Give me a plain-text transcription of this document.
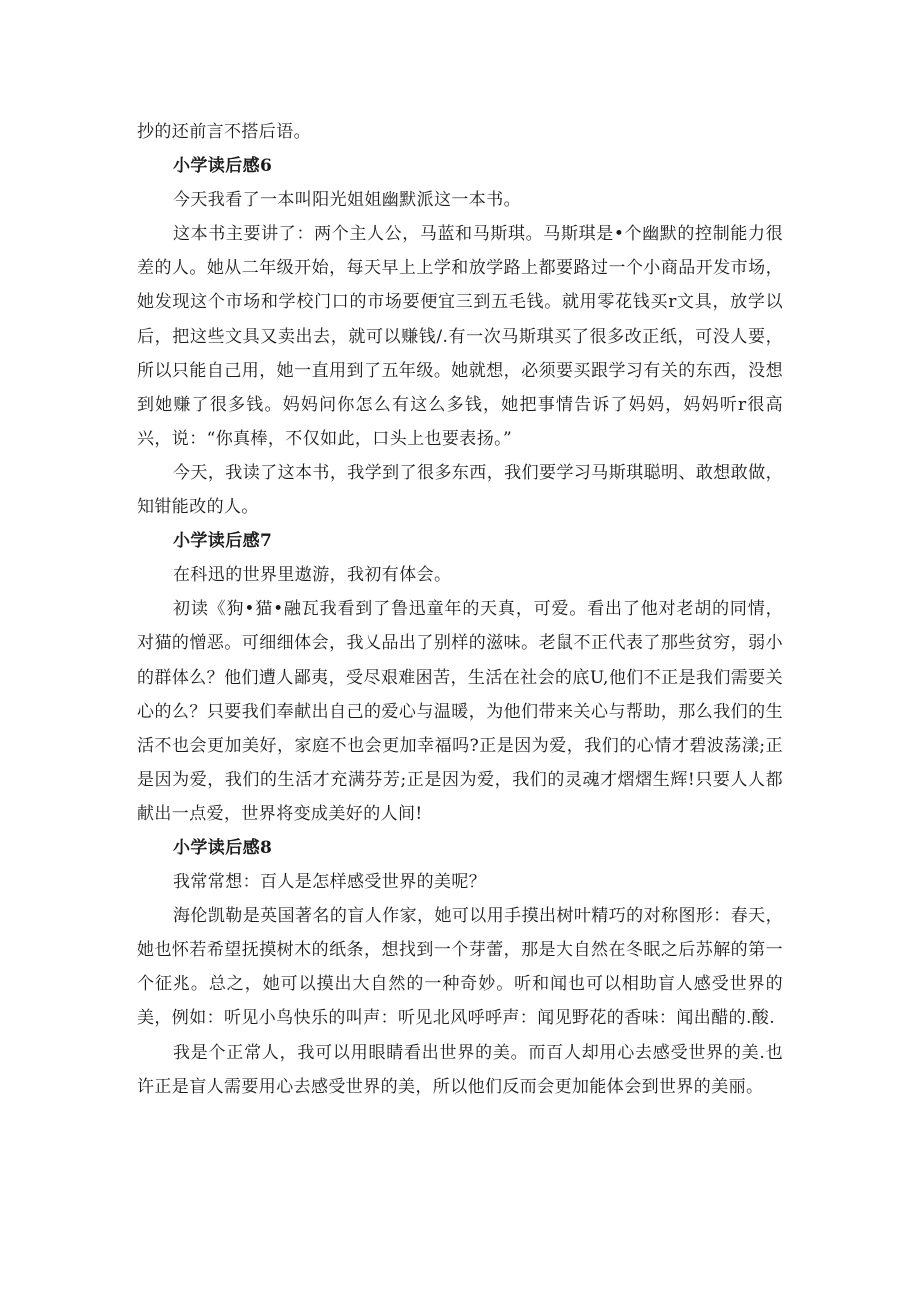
抄的还前言不搭后语。

小学读后感6

今天我看了一本叫阳光姐姐幽默派这一本书。

这本书主要讲了：两个主人公，马蓝和马斯琪。马斯琪是•个幽默的控制能力很差的人。她从二年级开始，每天早上上学和放学路上都要路过一个小商品开发市场，她发现这个市场和学校门口的市场要便宜三到五毛钱。就用零花钱买r文具，放学以后，把这些文具又卖出去，就可以赚钱/.有一次马斯琪买了很多改正纸，可没人要，所以只能自己用，她一直用到了五年级。她就想，必须要买跟学习有关的东西，没想到她赚了很多钱。妈妈问你怎么有这么多钱，她把事情告诉了妈妈，妈妈听r很高兴，说：“你真棒，不仅如此，口头上也要表扬。”

今天，我读了这本书，我学到了很多东西，我们要学习马斯琪聪明、敢想敢做，知钳能改的人。

小学读后感7

在科迅的世界里遨游，我初有体会。

初读《狗•猫•融瓦我看到了鲁迅童年的天真，可爱。看出了他对老胡的同情，对猫的憎恶。可细细体会，我乂品出了别样的滋味。老鼠不正代表了那些贫穷，弱小的群体么？他们遭人鄙夷，受尽艰难困苦，生活在社会的底U,他们不正是我们需要关心的么？只要我们奉献出自己的爱心与温暖，为他们带来关心与帮助，那么我们的生活不也会更加美好，家庭不也会更加幸福吗?正是因为爱，我们的心情才碧波荡漾;正是因为爱，我们的生活才充满芬芳;正是因为爱，我们的灵魂才熠熠生辉!只要人人都献出一点爱，世界将变成美好的人间!

小学读后感8

我常常想：百人是怎样感受世界的美呢？

海伦凯勒是英国著名的盲人作家，她可以用手摸出树叶精巧的对称图形：春天，她也怀若希望抚摸树木的纸条，想找到一个芽蕾，那是大自然在冬眠之后苏解的第一个征兆。总之，她可以摸出大自然的一种奇妙。听和闻也可以相助盲人感受世界的美，例如：听见小鸟快乐的叫声：听见北风呼呼声：闻见野花的香味：闻出醋的.酸.

我是个正常人，我可以用眼睛看出世界的美。而百人却用心去感受世界的美.也许正是盲人需要用心去感受世界的美，所以他们反而会更加能体会到世界的美丽。
